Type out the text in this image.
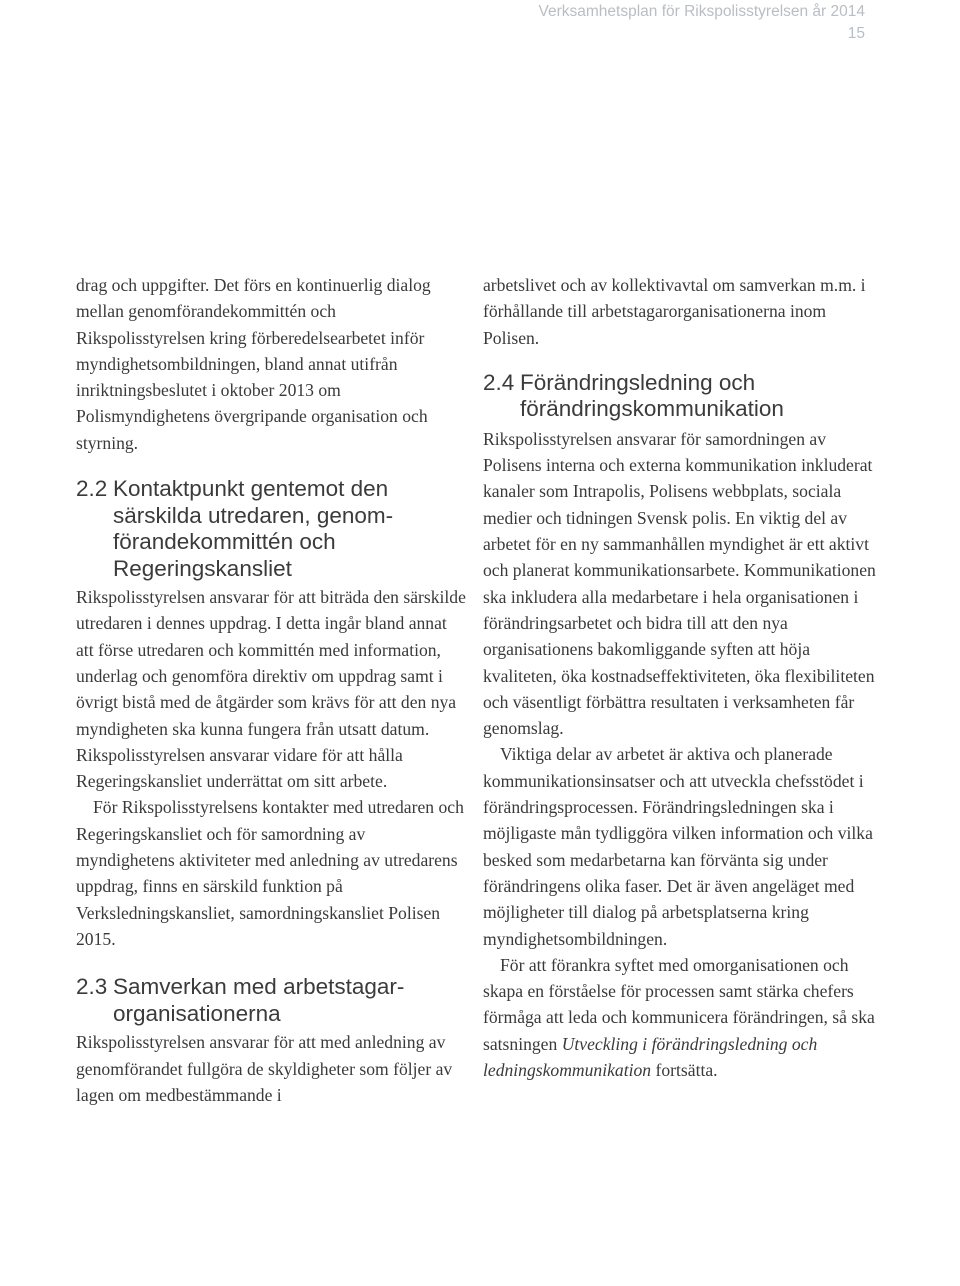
Verksamhetsplan för Rikspolisstyrelsen år 2014
15

drag och uppgifter. Det förs en kontinuerlig dialog mellan genomförandekommittén och Rikspolisstyrelsen kring förberedelsearbetet inför myndighetsombildningen, bland annat utifrån inriktningsbeslutet i oktober 2013 om Polismyndighetens övergripande organisation och styrning.

2.2 Kontaktpunkt gentemot den särskilda utredaren, genomförandekommittén och Regeringskansliet

Rikspolisstyrelsen ansvarar för att biträda den särskilde utredaren i dennes uppdrag. I detta ingår bland annat att förse utredaren och kommittén med information, underlag och genomföra direktiv om uppdrag samt i övrigt bistå med de åtgärder som krävs för att den nya myndigheten ska kunna fungera från utsatt datum. Rikspolisstyrelsen ansvarar vidare för att hålla Regeringskansliet underrättat om sitt arbete.

För Rikspolisstyrelsens kontakter med utredaren och Regeringskansliet och för samordning av myndighetens aktiviteter med anledning av utredarens uppdrag, finns en särskild funktion på Verksledningskansliet, samordningskansliet Polisen 2015.

2.3 Samverkan med arbetstagarorganisationerna

Rikspolisstyrelsen ansvarar för att med anledning av genomförandet fullgöra de skyldigheter som följer av lagen om medbestämmande i

arbetslivet och av kollektivavtal om samverkan m.m. i förhållande till arbetstagarorganisationerna inom Polisen.

2.4 Förändringsledning och förändringskommunikation

Rikspolisstyrelsen ansvarar för samordningen av Polisens interna och externa kommunikation inkluderat kanaler som Intrapolis, Polisens webbplats, sociala medier och tidningen Svensk polis. En viktig del av arbetet för en ny sammanhållen myndighet är ett aktivt och planerat kommunikationsarbete. Kommunikationen ska inkludera alla medarbetare i hela organisationen i förändringsarbetet och bidra till att den nya organisationens bakomliggande syften att höja kvaliteten, öka kostnadseffektiviteten, öka flexibiliteten och väsentligt förbättra resultaten i verksamheten får genomslag.

Viktiga delar av arbetet är aktiva och planerade kommunikationsinsatser och att utveckla chefsstödet i förändringsprocessen. Förändringsledningen ska i möjligaste mån tydliggöra vilken information och vilka besked som medarbetarna kan förvänta sig under förändringens olika faser. Det är även angeläget med möjligheter till dialog på arbetsplatserna kring myndighetsombildningen.

För att förankra syftet med omorganisationen och skapa en förståelse för processen samt stärka chefers förmåga att leda och kommunicera förändringen, så ska satsningen Utveckling i förändringsledning och ledningskommunikation fortsätta.
